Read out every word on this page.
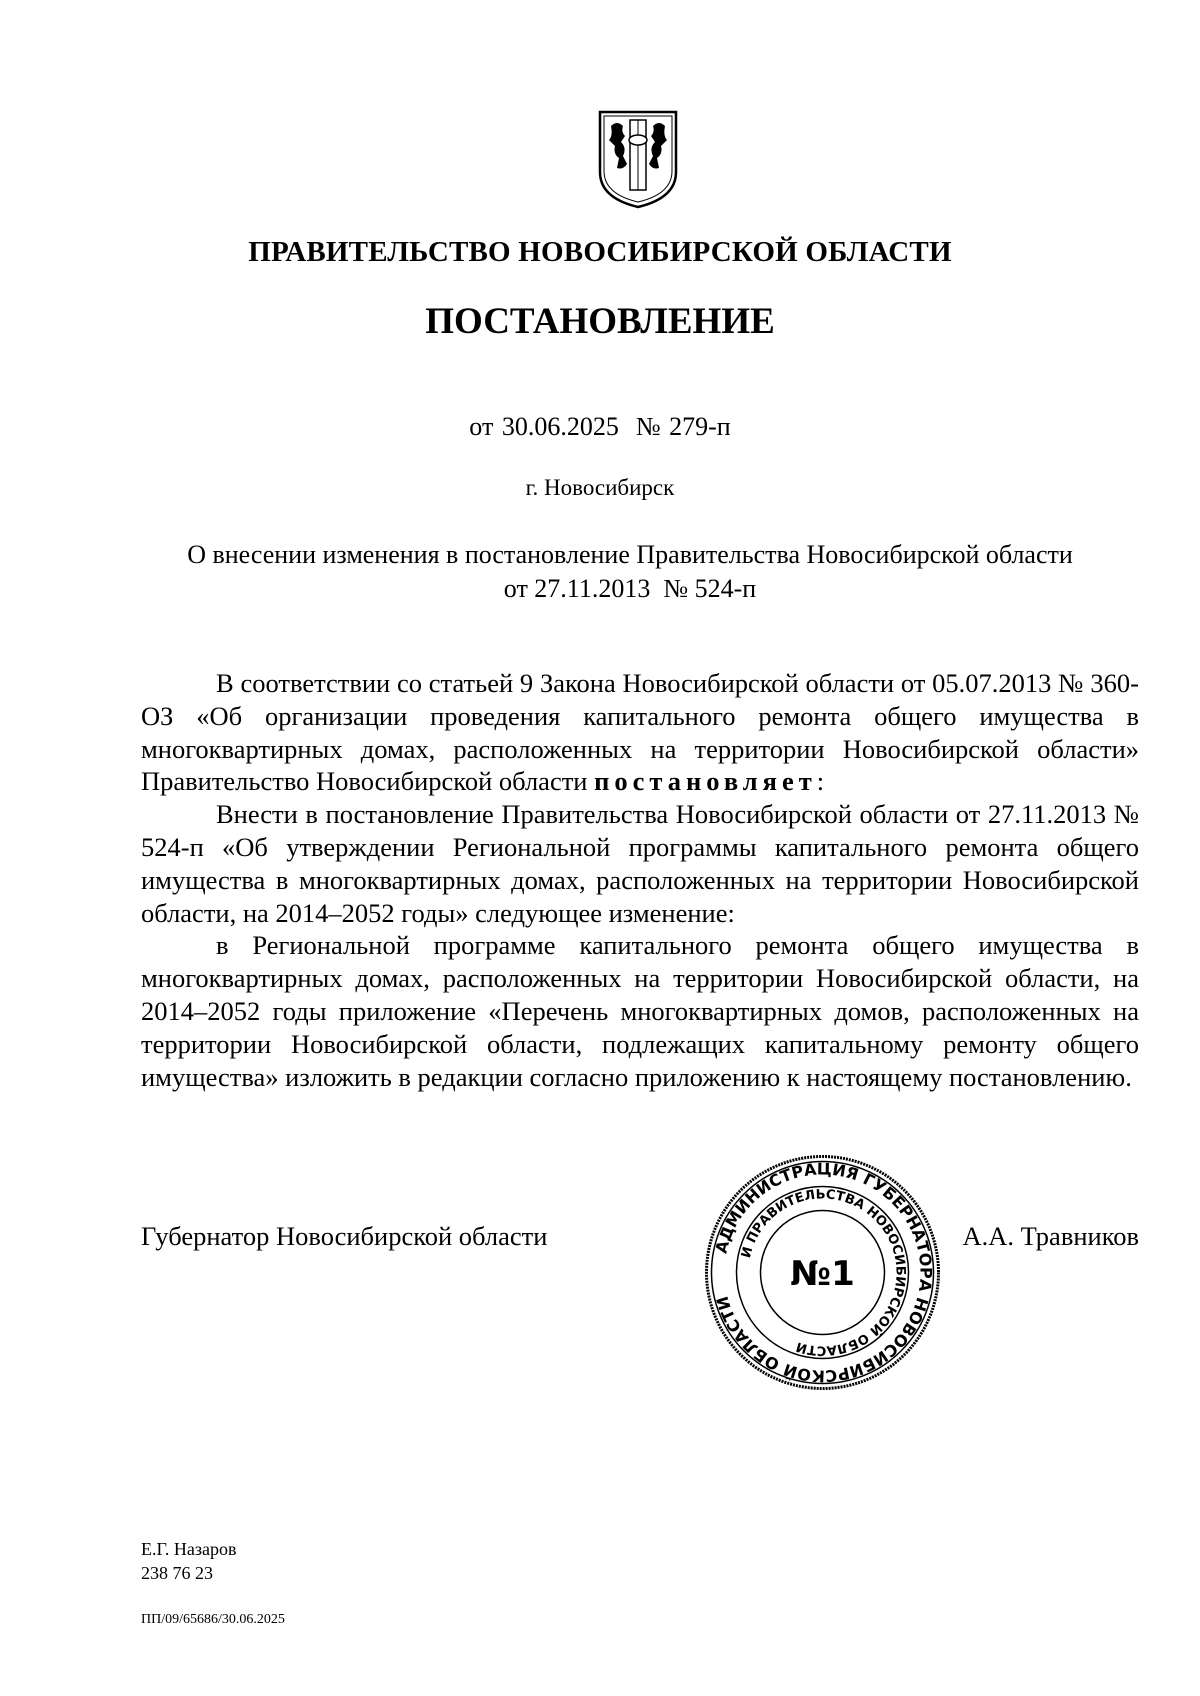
ПРАВИТЕЛЬСТВО НОВОСИБИРСКОЙ ОБЛАСТИ
ПОСТАНОВЛЕНИЕ
от 30.06.2025  № 279-п
г. Новосибирск
О внесении изменения в постановление Правительства Новосибирской области
от 27.11.2013  № 524-п

В соответствии со статьей 9 Закона Новосибирской области от 05.07.2013 № 360-ОЗ «Об организации проведения капитального ремонта общего имущества в многоквартирных домах, расположенных на территории Новосибирской области» Правительство Новосибирской области постановляет:

Внести в постановление Правительства Новосибирской области от 27.11.2013 № 524-п «Об утверждении Региональной программы капитального ремонта общего имущества в многоквартирных домах, расположенных на территории Новосибирской области, на 2014–2052 годы» следующее изменение:

в Региональной программе капитального ремонта общего имущества в многоквартирных домах, расположенных на территории Новосибирской области, на 2014–2052 годы приложение «Перечень многоквартирных домов, расположенных на территории Новосибирской области, подлежащих капитальному ремонту общего имущества» изложить в редакции согласно приложению к настоящему постановлению.

Губернатор Новосибирской области	А.А. Травников
АДМИНИСТРАЦИЯ ГУБЕРНАТОРА НОВОСИБИРСКОЙ ОБЛАСТИ
И ПРАВИТЕЛЬСТВА НОВОСИБИРСКОЙ ОБЛАСТИ
№1
Е.Г. Назаров
238 76 23
ПП/09/65686/30.06.2025
